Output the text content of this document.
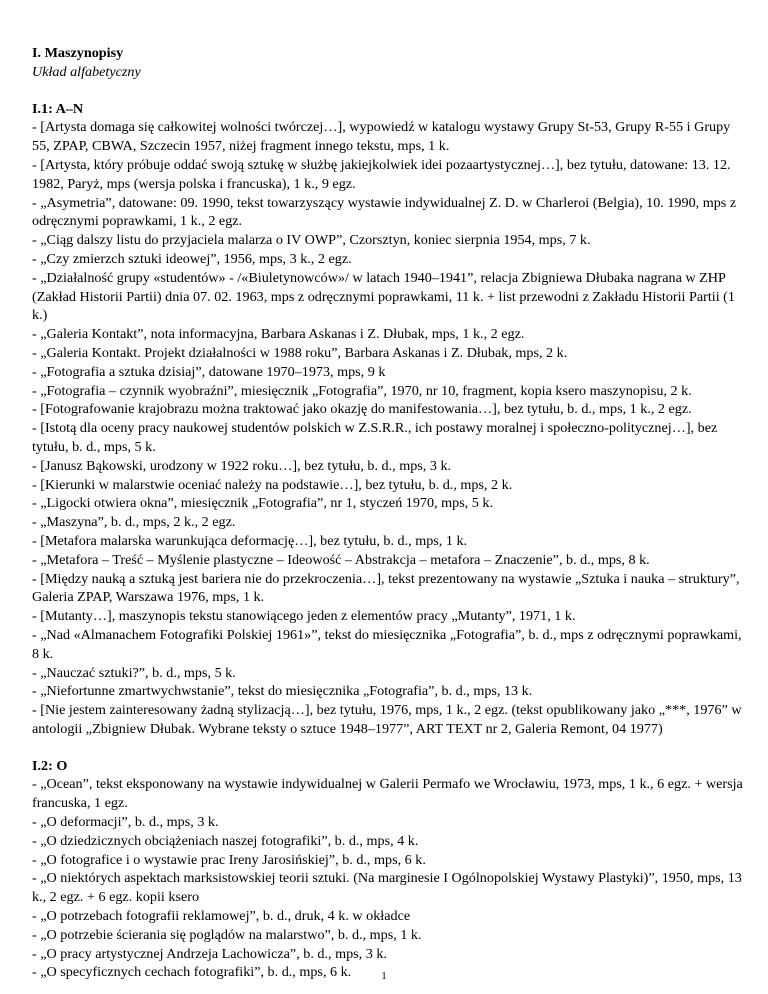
I. Maszynopisy
Układ alfabetyczny
I.1: A–N

- [Artysta domaga się całkowitej wolności twórczej…], wypowiedź w katalogu wystawy Grupy St-53, Grupy R-55 i Grupy 55, ZPAP, CBWA, Szczecin 1957, niżej fragment innego tekstu, mps, 1 k.

- [Artysta, który próbuje oddać swoją sztukę w służbę jakiejkolwiek idei pozaartystycznej…], bez tytułu, datowane: 13. 12. 1982, Paryż, mps (wersja polska i francuska), 1 k., 9 egz.

- „Asymetria”, datowane: 09. 1990, tekst towarzyszący wystawie indywidualnej Z. D. w Charleroi (Belgia), 10. 1990, mps z odręcznymi poprawkami, 1 k., 2 egz.

- „Ciąg dalszy listu do przyjaciela malarza o IV OWP”, Czorsztyn, koniec sierpnia 1954, mps, 7 k.

- „Czy zmierzch sztuki ideowej”, 1956, mps, 3 k., 2 egz.

- „Działalność grupy «studentów» - /«Biuletynowców»/ w latach 1940–1941”, relacja Zbigniewa Dłubaka nagrana w ZHP (Zakład Historii Partii) dnia 07. 02. 1963, mps z odręcznymi poprawkami, 11 k. + list przewodni z Zakładu Historii Partii (1 k.)

- „Galeria Kontakt”, nota informacyjna, Barbara Askanas i Z. Dłubak, mps, 1 k., 2 egz.

- „Galeria Kontakt. Projekt działalności w 1988 roku”, Barbara Askanas i Z. Dłubak, mps, 2 k.

- „Fotografia a sztuka dzisiaj”, datowane 1970–1973, mps, 9 k

- „Fotografia – czynnik wyobraźni”, miesięcznik „Fotografia”, 1970, nr 10, fragment, kopia ksero maszynopisu, 2 k.

- [Fotografowanie krajobrazu można traktować jako okazję do manifestowania…], bez tytułu, b. d., mps, 1 k., 2 egz.

- [Istotą dla oceny pracy naukowej studentów polskich w Z.S.R.R., ich postawy moralnej i społeczno-politycznej…], bez tytułu, b. d., mps, 5 k.

- [Janusz Bąkowski, urodzony w 1922 roku…], bez tytułu, b. d., mps, 3 k.

- [Kierunki w malarstwie oceniać należy na podstawie…], bez tytułu, b. d., mps, 2 k.

- „Ligocki otwiera okna”, miesięcznik „Fotografia”, nr 1, styczeń 1970, mps, 5 k.

- „Maszyna”, b. d., mps, 2 k., 2 egz.

- [Metafora malarska warunkująca deformację…], bez tytułu, b. d., mps, 1 k.

- „Metafora – Treść – Myślenie plastyczne – Ideowość – Abstrakcja – metafora – Znaczenie”, b. d., mps, 8 k.

- [Między nauką a sztuką jest bariera nie do przekroczenia…], tekst prezentowany na wystawie „Sztuka i nauka – struktury”, Galeria ZPAP, Warszawa 1976, mps, 1 k.

- [Mutanty…], maszynopis tekstu stanowiącego jeden z elementów pracy „Mutanty”, 1971, 1 k.

- „Nad «Almanachem Fotografiki Polskiej 1961»”, tekst do miesięcznika „Fotografia”, b. d., mps z odręcznymi poprawkami, 8 k.

- „Nauczać sztuki?”, b. d., mps, 5 k.

- „Niefortunne zmartwychwstanie”, tekst do miesięcznika „Fotografia”, b. d., mps, 13 k.

- [Nie jestem zainteresowany żadną stylizacją…], bez tytułu, 1976, mps, 1 k., 2 egz. (tekst opublikowany jako „***, 1976” w antologii „Zbigniew Dłubak. Wybrane teksty o sztuce 1948–1977”, ART TEXT nr 2, Galeria Remont, 04 1977)

I.2: O

- „Ocean”, tekst eksponowany na wystawie indywidualnej w Galerii Permafo we Wrocławiu, 1973, mps, 1 k., 6 egz. + wersja francuska, 1 egz.

- „O deformacji”, b. d., mps, 3 k.

- „O dziedzicznych obciążeniach naszej fotografiki”, b. d., mps, 4 k.

- „O fotografice i o wystawie prac Ireny Jarosińskiej”, b. d., mps, 6 k.

- „O niektórych aspektach marksistowskiej teorii sztuki. (Na marginesie I Ogólnopolskiej Wystawy Plastyki)”, 1950, mps, 13 k., 2 egz. + 6 egz. kopii ksero

- „O potrzebach fotografii reklamowej”, b. d., druk, 4 k. w okładce

- „O potrzebie ścierania się poglądów na malarstwo”, b. d., mps, 1 k.

- „O pracy artystycznej Andrzeja Lachowicza”, b. d., mps, 3 k.

- „O specyficznych cechach fotografiki”, b. d., mps, 6 k.	1
